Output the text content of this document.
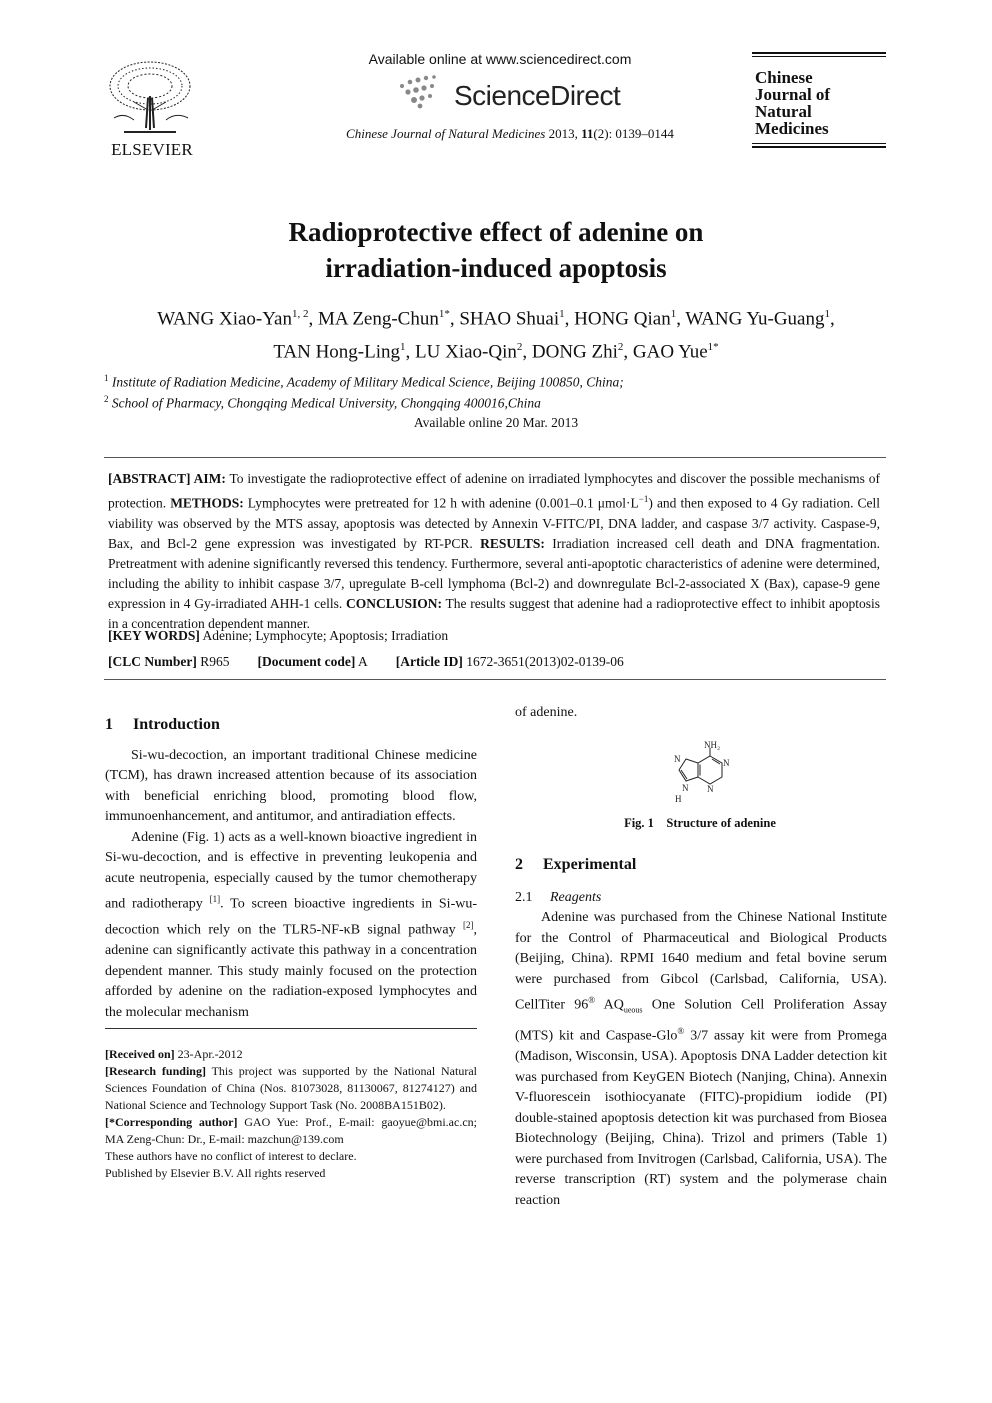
ELSEVIER
Available online at www.sciencedirect.com
ScienceDirect
Chinese Journal of Natural Medicines 2013, 11(2): 0139–0144
Chinese
Journal of
Natural
Medicines
Radioprotective effect of adenine on
irradiation-induced apoptosis
WANG Xiao-Yan$^{1, 2}$, MA Zeng-Chun$^{1*}$, SHAO Shuai$^1$, HONG Qian$^1$, WANG Yu-Guang$^1$,
TAN Hong-Ling$^1$, LU Xiao-Qin$^2$, DONG Zhi$^2$, GAO Yue$^{1*}$
$^1$ Institute of Radiation Medicine, Academy of Military Medical Science, Beijing 100850, China;
$^2$ School of Pharmacy, Chongqing Medical University, Chongqing 400016,China
Available online 20 Mar. 2013
[ABSTRACT] AIM: To investigate the radioprotective effect of adenine on irradiated lymphocytes and discover the possible mechanisms of protection. METHODS: Lymphocytes were pretreated for 12 h with adenine (0.001–0.1 $\mu mol\cdot L^{-1}$) and then exposed to 4 Gy radiation. Cell viability was observed by the MTS assay, apoptosis was detected by Annexin V-FITC/PI, DNA ladder, and caspase 3/7 activity. Caspase-9, Bax, and Bcl-2 gene expression was investigated by RT-PCR. RESULTS: Irradiation increased cell death and DNA fragmentation. Pretreatment with adenine significantly reversed this tendency. Furthermore, several anti-apoptotic characteristics of adenine were determined, including the ability to inhibit caspase 3/7, upregulate B-cell lymphoma (Bcl-2) and downregulate Bcl-2-associated X (Bax), capase-9 gene expression in 4 Gy-irradiated AHH-1 cells. CONCLUSION: The results suggest that adenine had a radioprotective effect to inhibit apoptosis in a concentration dependent manner.
[KEY WORDS] Adenine; Lymphocyte; Apoptosis; Irradiation
[CLC Number] R965 [Document code] A [Article ID] 1672-3651(2013)02-0139-06

1  Introduction

Si-wu-decoction, an important traditional Chinese medicine (TCM), has drawn increased attention because of its association with beneficial enriching blood, promoting blood flow, immunoenhancement, and antitumor, and antiradiation effects.

Adenine (Fig. 1) acts as a well-known bioactive ingredient in Si-wu-decoction, and is effective in preventing leukopenia and acute neutropenia, especially caused by the tumor chemotherapy and radiotherapy [1]. To screen bioactive ingredients in Si-wu-decoction which rely on the TLR5-NF-κB signal pathway [2], adenine can significantly activate this pathway in a concentration dependent manner. This study mainly focused on the protection afforded by adenine on the radiation-exposed lymphocytes and the molecular mechanism

[Received on] 23-Apr.-2012
[Research funding] This project was supported by the National Natural Sciences Foundation of China (Nos. 81073028, 81130067, 81274127) and National Science and Technology Support Task (No. 2008BA151B02).
[*Corresponding author] GAO Yue: Prof., E-mail: gaoyue@bmi.ac.cn; MA Zeng-Chun: Dr., E-mail: mazchun@139.com
These authors have no conflict of interest to declare.
Published by Elsevier B.V. All rights reserved

of adenine.

NH₂
N
N
N
N
H
Fig. 1 Structure of adenine

2  Experimental

2.1  Reagents

Adenine was purchased from the Chinese National Institute for the Control of Pharmaceutical and Biological Products (Beijing, China). RPMI 1640 medium and fetal bovine serum were purchased from Gibcol (Carlsbad, California, USA). CellTiter 96® $AQ_{ueous}$ One Solution Cell Proliferation Assay (MTS) kit and Caspase-Glo® 3/7 assay kit were from Promega (Madison, Wisconsin, USA). Apoptosis DNA Ladder detection kit was purchased from KeyGEN Biotech (Nanjing, China). Annexin V-fluorescein isothiocyanate (FITC)-propidium iodide (PI) double-stained apoptosis detection kit was purchased from Biosea Biotechnology (Beijing, China). Trizol and primers (Table 1) were purchased from Invitrogen (Carlsbad, California, USA). The reverse transcription (RT) system and the polymerase chain reaction
